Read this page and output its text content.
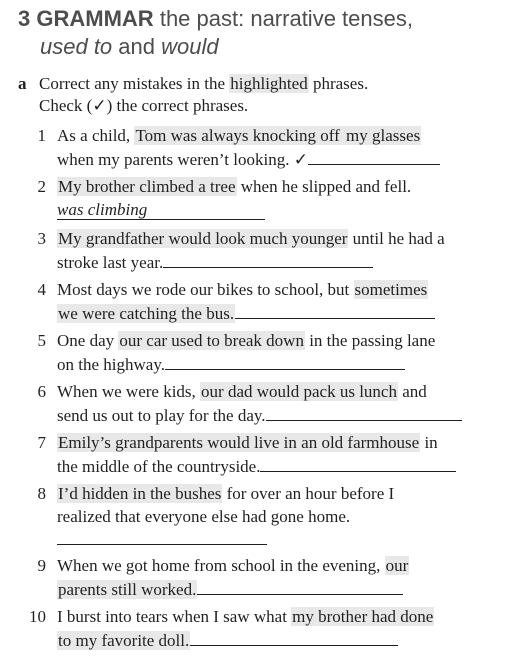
3 GRAMMAR the past: narrative tenses,
used to and would
a Correct any mistakes in the highlighted phrases.
Check (✓) the correct phrases.
1 As a child, Tom was always knocking off my glasses
when my parents weren’t looking. ✓
2 My brother climbed a tree when he slipped and fell.
was climbing
3 My grandfather would look much younger until he had a
stroke last year.
4 Most days we rode our bikes to school, but sometimes
we were catching the bus.
5 One day our car used to break down in the passing lane
on the highway.
6 When we were kids, our dad would pack us lunch and
send us out to play for the day.
7 Emily’s grandparents would live in an old farmhouse in
the middle of the countryside.
8 I’d hidden in the bushes for over an hour before I
realized that everyone else had gone home.
9 When we got home from school in the evening, our
parents still worked.
10 I burst into tears when I saw what my brother had done
to my favorite doll.
